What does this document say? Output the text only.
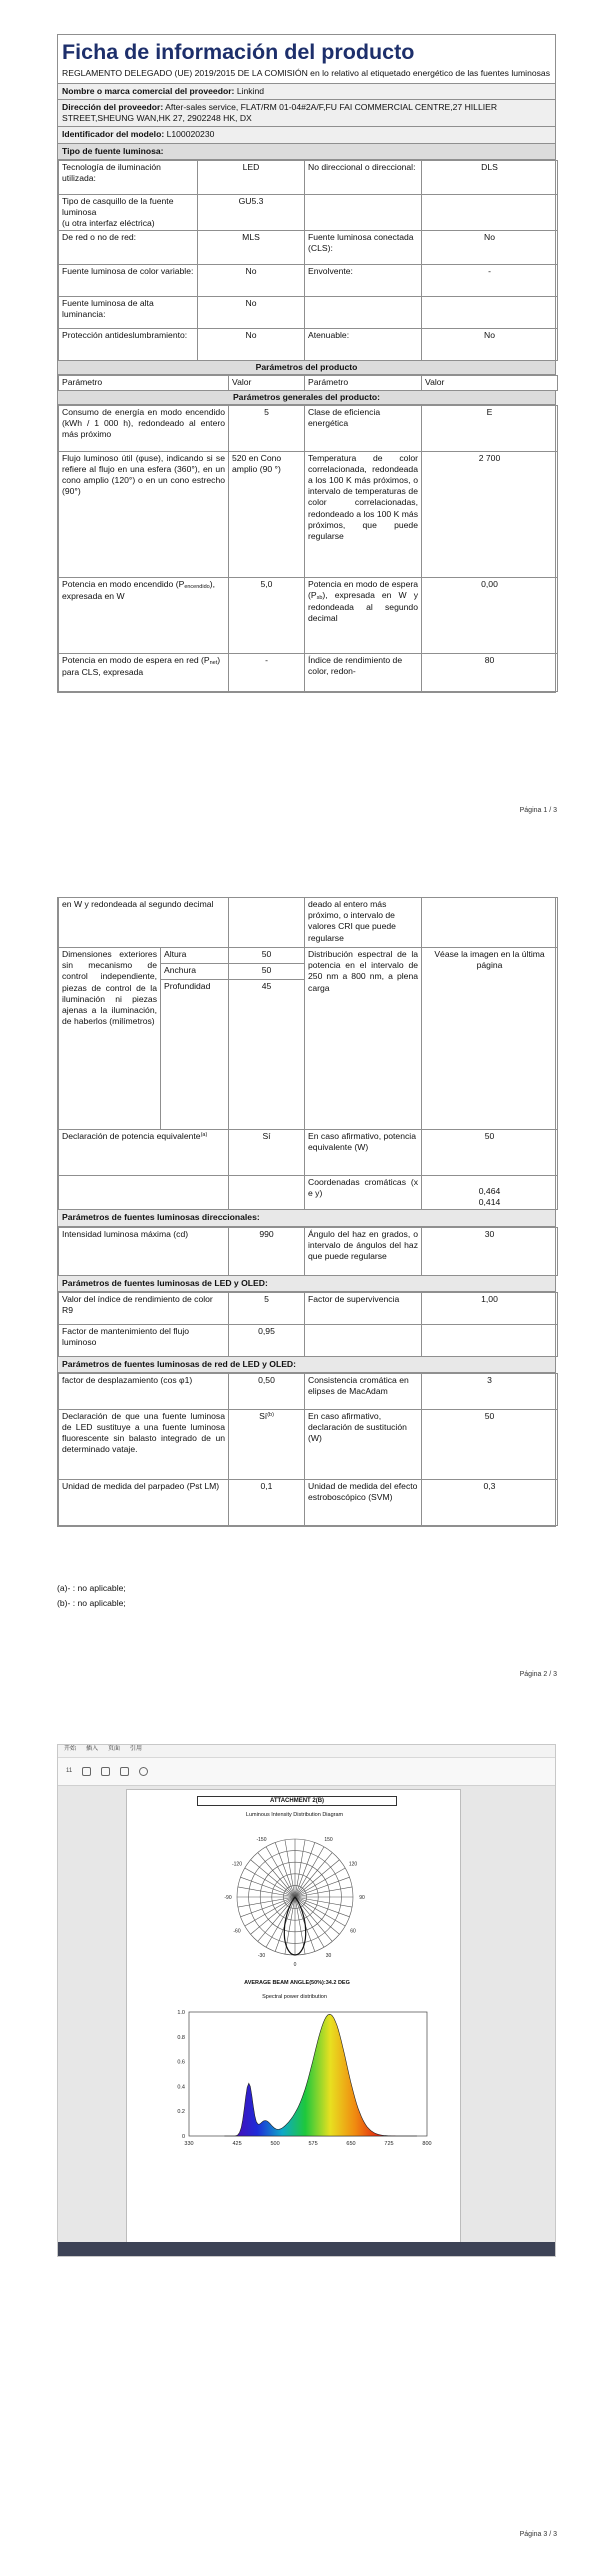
Ficha de información del producto
REGLAMENTO DELEGADO (UE) 2019/2015 DE LA COMISIÓN en lo relativo al etiquetado energético de las fuentes luminosas
Nombre o marca comercial del proveedor: Linkind
Dirección del proveedor: After-sales service, FLAT/RM 01-04#2A/F,FU FAI COMMERCIAL CENTRE,27 HILLIER STREET,SHEUNG WAN,HK 27, 2902248 HK, DX
Identificador del modelo: L100020230
Tipo de fuente luminosa:
Tecnología de iluminación utilizada:	LED	No direccional o direccional:	DLS

Tipo de casquillo de la fuente luminosa
(u otra interfaz eléctrica)	GU5.3		
De red o no de red:	MLS	Fuente luminosa conectada (CLS):	No
Fuente luminosa de color variable:	No	Envolvente:	-
Fuente luminosa de alta luminancia:	No		
Protección antideslumbramiento:	No	Atenuable:	No
Parámetros del producto
Parámetro	Valor	Parámetro	Valor
Parámetros generales del producto:
Consumo de energía en modo encendido (kWh / 1 000 h), redondeado al entero más próximo	5	Clase de eficiencia energética	E
Flujo luminoso útil (φuse), indicando si se refiere al flujo en una esfera (360°), en un cono amplio (120°) o en un cono estrecho (90°)	520 en Cono amplio (90 °)	Temperatura de color correlacionada, redondeada a los 100 K más próximos, o intervalo de temperaturas de color correlacionadas, redondeado a los 100 K más próximos, que puede regularse	2 700
Potencia en modo encendido (Pencendido), expresada en W	5,0	Potencia en modo de espera (Psb), expresada en W y redondeada al segundo decimal	0,00
Potencia en modo de espera en red (Pnet) para CLS, expresada	-	Índice de rendimiento de color, redon-	80
Página 1 / 3
en W y redondeada al segundo decimal			deado al entero más próximo, o intervalo de valores CRI que puede regularse	
Dimensiones exteriores sin mecanismo de control independiente, piezas de control de la iluminación ni piezas ajenas a la iluminación, de haberlos (milímetros)	Altura	50	Distribución espectral de la potencia en el intervalo de 250 nm a 800 nm, a plena carga	Véase la imagen en la última página
	Anchura	50		
	Profundidad	45		
Declaración de potencia equivalente$^{(a)}$		Sí	En caso afirmativo, potencia equivalente (W)	50
			Coordenadas cromáticas (x e y)	0,464
0,414
Parámetros de fuentes luminosas direccionales:
Intensidad luminosa máxima (cd)	990	Ángulo del haz en grados, o intervalo de ángulos del haz que puede regularse	30
Parámetros de fuentes luminosas de LED y OLED:
Valor del índice de rendimiento de color R9	5	Factor de supervivencia	1,00
Factor de mantenimiento del flujo luminoso	0,95		
Parámetros de fuentes luminosas de red de LED y OLED:
factor de desplazamiento (cos φ1)	0,50	Consistencia cromática en elipses de MacAdam	3
Declaración de que una fuente luminosa de LED sustituye a una fuente luminosa fluorescente sin balasto integrado de un determinado vataje.	$Sí^{(b)}$	En caso afirmativo, declaración de sustitución (W)	50
Unidad de medida del parpadeo (Pst LM)	0,1	Unidad de medida del efecto estroboscópico (SVM)	0,3
(a)- : no aplicable;
(b)- : no aplicable;
Página 2 / 3
开始 插入 页面 引用
11
ATTACHMENT 2(B)
Luminous Intensity Distribution Diagram
-150	150
-120	120
-90	90
-60	60
-30	30
0
AVERAGE BEAM ANGLE(50%):34.2 DEG
Spectral power distribution
330	425	500	575	650	725	800
1.0
0.8
0.6
0.4
0.2
0
Página 3 / 3
